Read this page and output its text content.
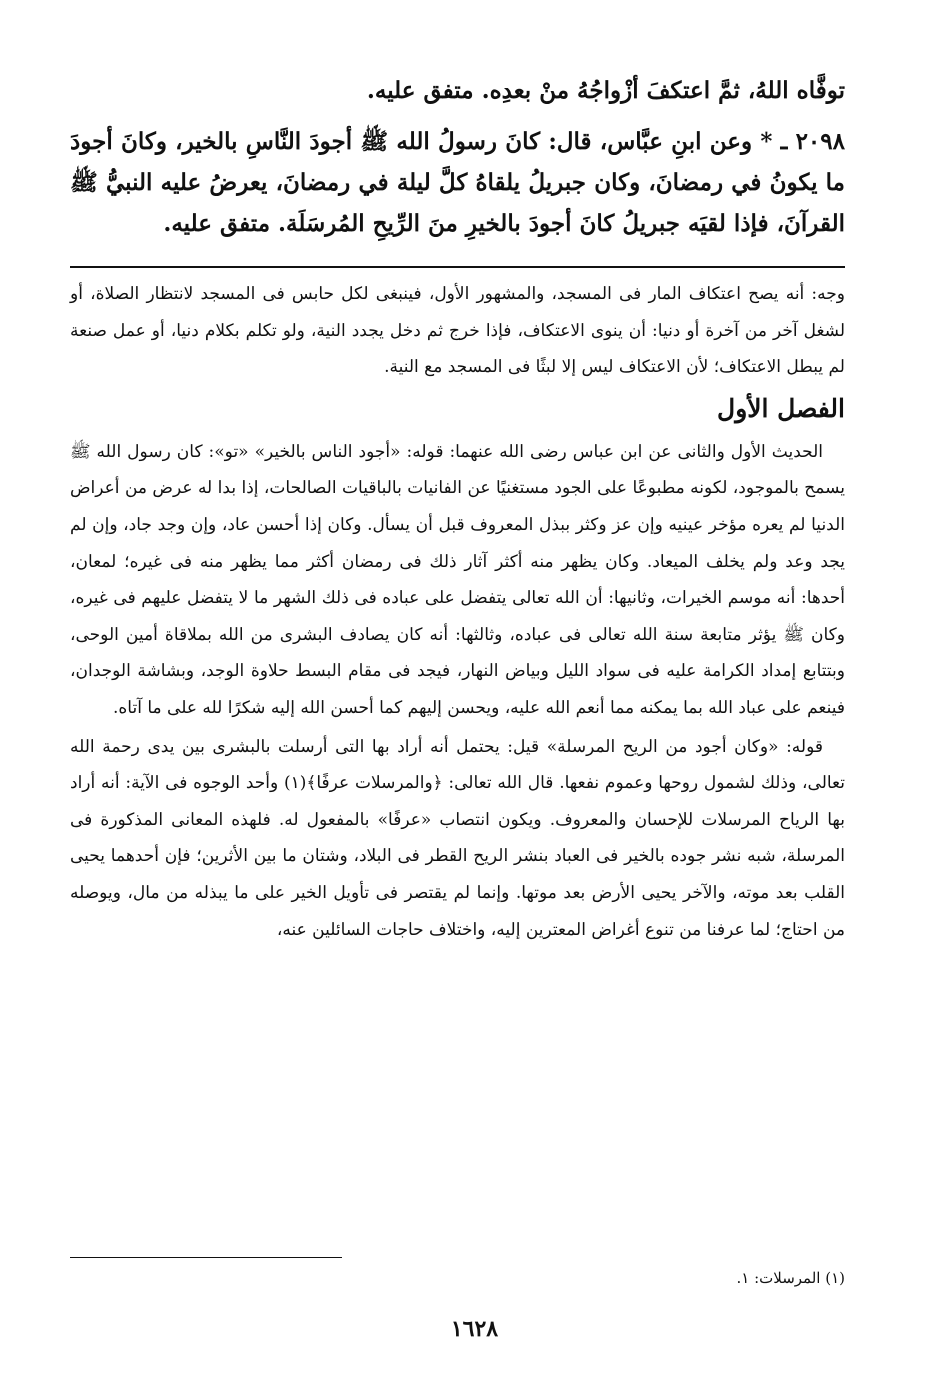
توفَّاه اللهُ، ثمَّ اعتكفَ أزْواجُهُ منْ بعدِه. متفق عليه.

٢٠٩٨ ـ * وعن ابنِ عبَّاس، قال: كانَ رسولُ الله ﷺ أجودَ النَّاسِ بالخير، وكانَ أجودَ ما يكونُ في رمضانَ، وكان جبريلُ يلقاهُ كلَّ ليلة في رمضانَ، يعرضُ عليه النبيُّ ﷺ القرآنَ، فإذا لقيَه جبريلُ كانَ أجودَ بالخيرِ منَ الرِّيحِ المُرسَلَة. متفق عليه.

وجه: أنه يصح اعتكاف المار فى المسجد، والمشهور الأول، فينبغى لكل حابس فى المسجد لانتظار الصلاة، أو لشغل آخر من آخرة أو دنيا: أن ينوى الاعتكاف، فإذا خرج ثم دخل يجدد النية، ولو تكلم بكلام دنيا، أو عمل صنعة لم يبطل الاعتكاف؛ لأن الاعتكاف ليس إلا لبثًا فى المسجد مع النية.

الفصل الأول

الحديث الأول والثانى عن ابن عباس رضى الله عنهما: قوله: «أجود الناس بالخير» «تو»: كان رسول الله ﷺ يسمح بالموجود، لكونه مطبوعًا على الجود مستغنيًا عن الفانيات بالباقيات الصالحات، إذا بدا له عرض من أعراض الدنيا لم يعره مؤخر عينيه وإن عز وكثر ببذل المعروف قبل أن يسأل. وكان إذا أحسن عاد، وإن وجد جاد، وإن لم يجد وعد ولم يخلف الميعاد. وكان يظهر منه أكثر آثار ذلك فى رمضان أكثر مما يظهر منه فى غيره؛ لمعان، أحدها: أنه موسم الخيرات، وثانيها: أن الله تعالى يتفضل على عباده فى ذلك الشهر ما لا يتفضل عليهم فى غيره، وكان ﷺ يؤثر متابعة سنة الله تعالى فى عباده، وثالثها: أنه كان يصادف البشرى من الله بملاقاة أمين الوحى، وبتتابع إمداد الكرامة عليه فى سواد الليل وبياض النهار، فيجد فى مقام البسط حلاوة الوجد، وبشاشة الوجدان، فينعم على عباد الله بما يمكنه مما أنعم الله عليه، ويحسن إليهم كما أحسن الله إليه شكرًا لله على ما آتاه.

قوله: «وكان أجود من الريح المرسلة» قيل: يحتمل أنه أراد بها التى أرسلت بالبشرى بين يدى رحمة الله تعالى، وذلك لشمول روحها وعموم نفعها. قال الله تعالى: ﴿والمرسلات عرفًا﴾(١) وأحد الوجوه فى الآية: أنه أراد بها الرياح المرسلات للإحسان والمعروف. ويكون انتصاب «عرفًا» بالمفعول له. فلهذه المعانى المذكورة فى المرسلة، شبه نشر جوده بالخير فى العباد بنشر الريح القطر فى البلاد، وشتان ما بين الأثرين؛ فإن أحدهما يحيى القلب بعد موته، والآخر يحيى الأرض بعد موتها. وإنما لم يقتصر فى تأويل الخير على ما يبذله من مال، ويوصله من احتاج؛ لما عرفنا من تنوع أغراض المعترين إليه، واختلاف حاجات السائلين عنه،

(١) المرسلات: ١.

١٦٢٨
